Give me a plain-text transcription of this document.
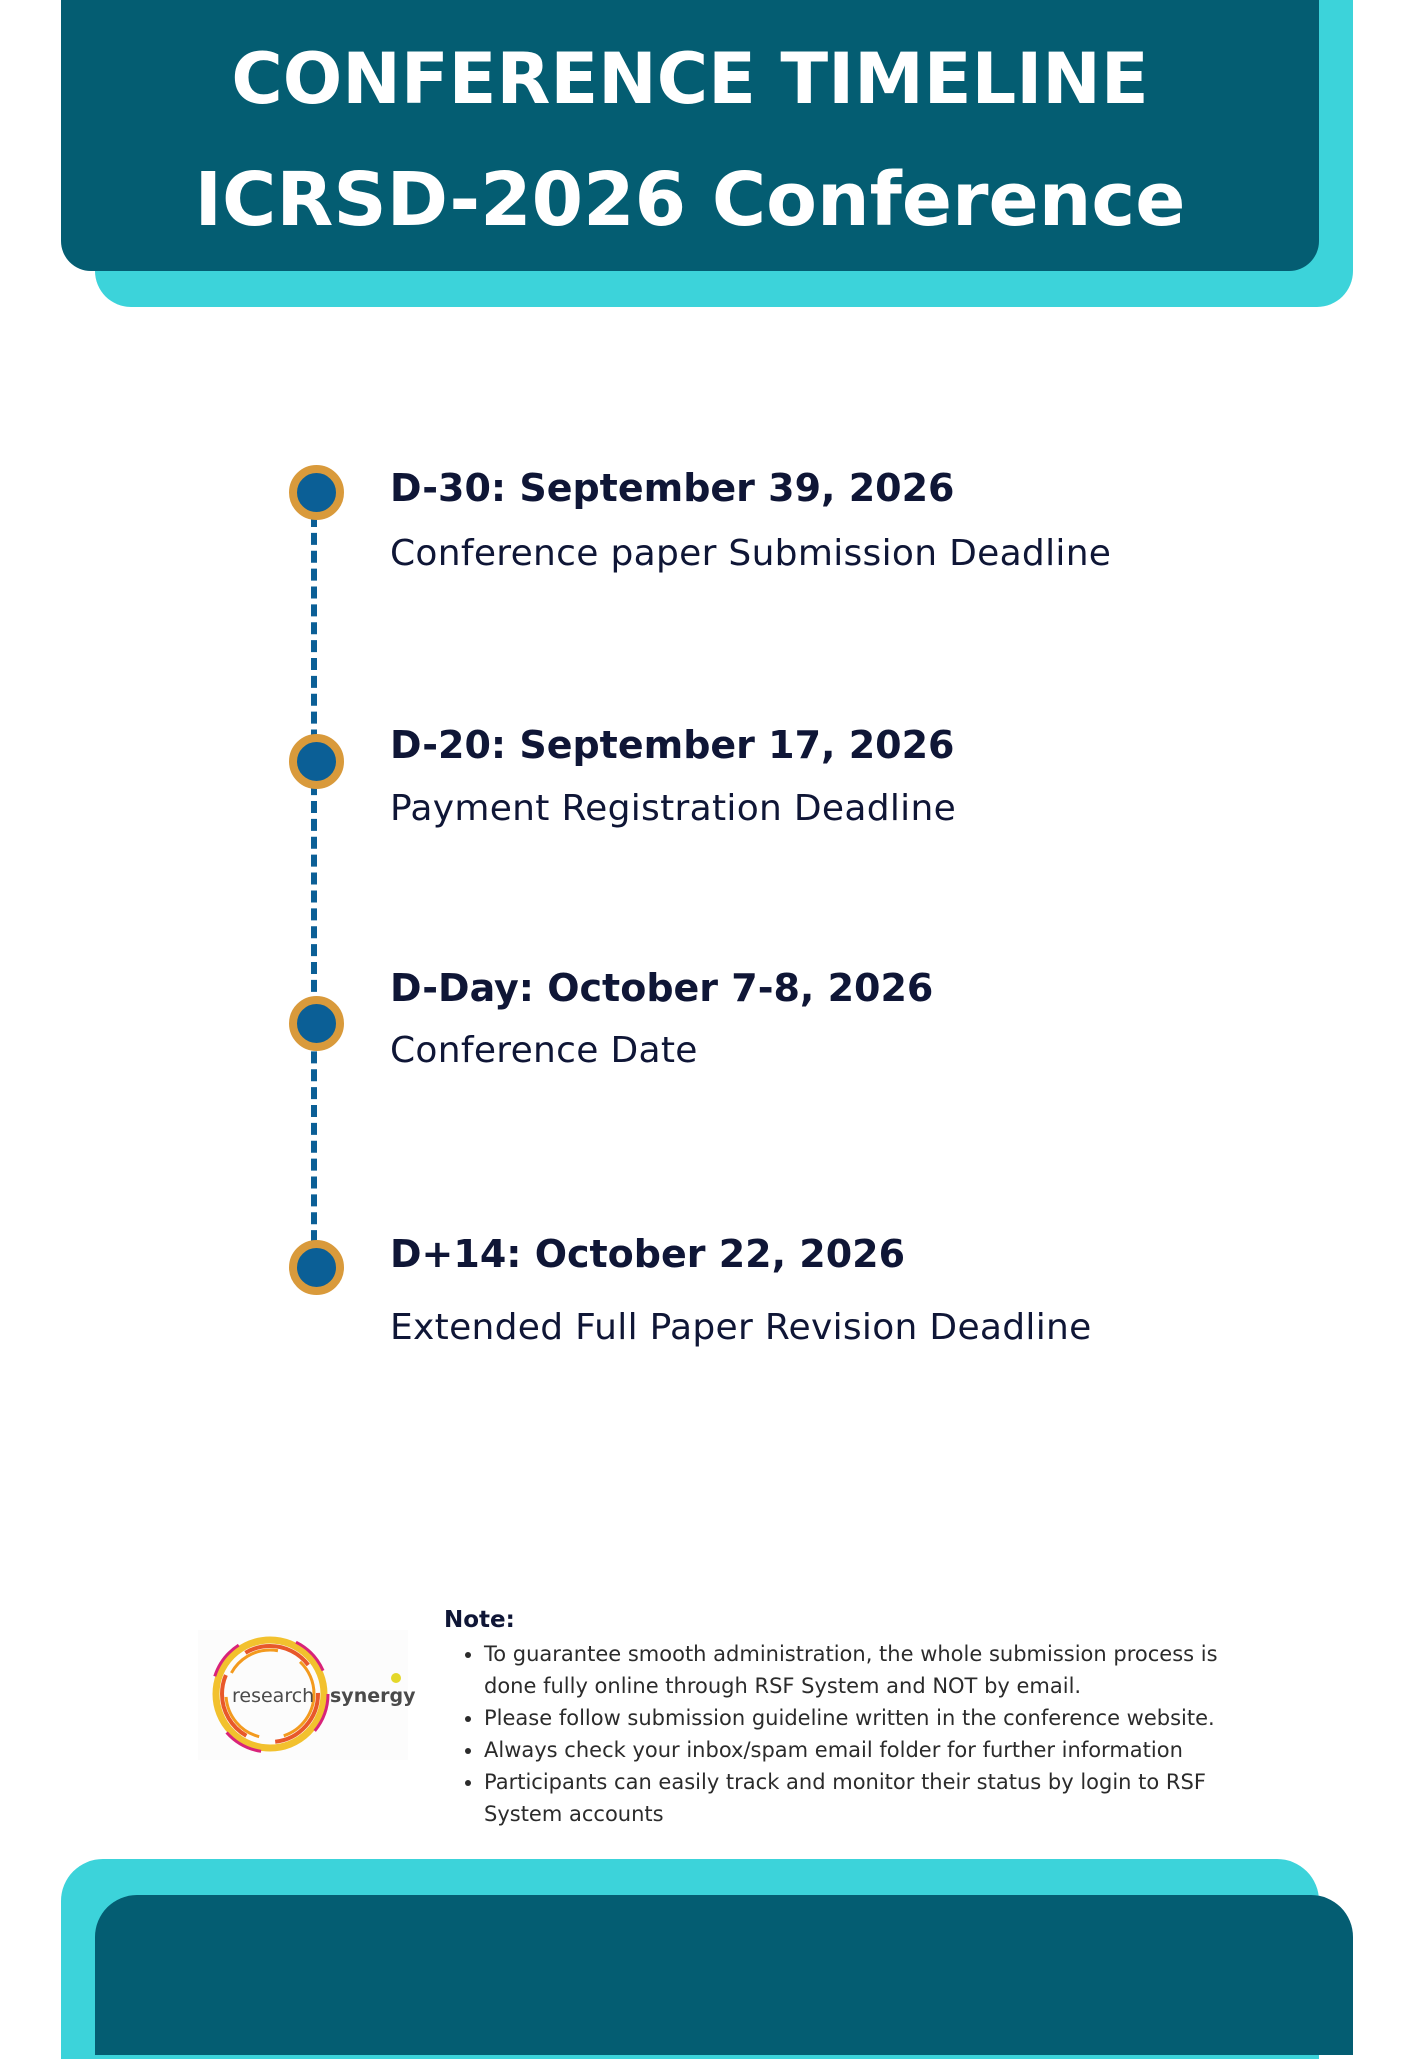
CONFERENCE TIMELINE
ICRSD-2026 Conference
D-30: September 39, 2026
Conference paper Submission Deadline
D-20: September 17, 2026
Payment Registration Deadline
D-Day: October 7-8, 2026
Conference Date
D+14: October 22, 2026
Extended Full Paper Revision Deadline
research synergy
Note:
• To guarantee smooth administration, the whole submission process is done fully online through RSF System and NOT by email.
• Please follow submission guideline written in the conference website.
• Always check your inbox/spam email folder for further information
• Participants can easily track and monitor their status by login to RSF System accounts
